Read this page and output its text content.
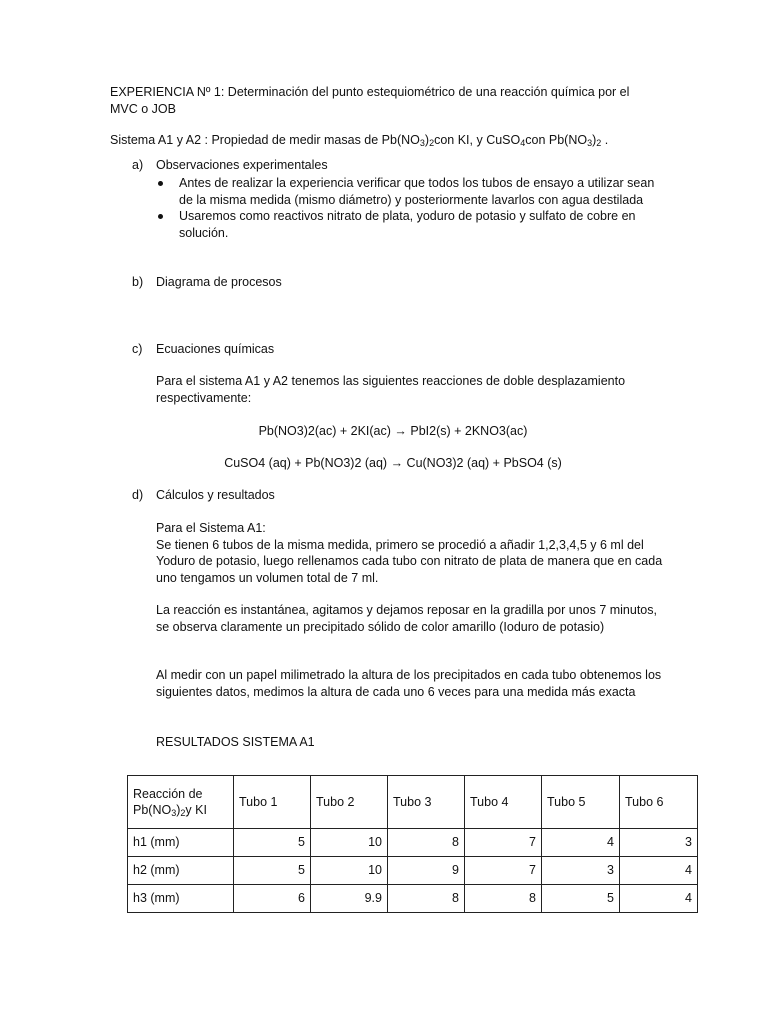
EXPERIENCIA Nº 1: Determinación del punto estequiométrico de una reacción química por el MVC o JOB
Sistema A1 y A2 : Propiedad de medir masas de $Pb(NO_3)_2con$ KI, y CuSO$_4$con $Pb(NO_3)_2$ .
a) Observaciones experimentales
Antes de realizar la experiencia verificar que todos los tubos de ensayo a utilizar sean de la misma medida (mismo diámetro) y posteriormente lavarlos con agua destilada
Usaremos como reactivos nitrato de plata, yoduro de potasio y sulfato de cobre en solución.
b) Diagrama de procesos
c) Ecuaciones químicas
Para el sistema A1 y A2 tenemos las siguientes reacciones de doble desplazamiento respectivamente:
Pb(NO3)2(ac) + 2KI(ac) → PbI2(s) + 2KNO3(ac)
CuSO4 (aq) + Pb(NO3)2 (aq) → Cu(NO3)2 (aq) + PbSO4 (s)
d) Cálculos y resultados
Para el Sistema A1:
Se tienen 6 tubos de la misma medida, primero se procedió a añadir 1,2,3,4,5 y 6 ml del Yoduro de potasio, luego rellenamos cada tubo con nitrato de plata de manera que en cada uno tengamos un volumen total de 7 ml.
La reacción es instantánea, agitamos y dejamos reposar en la gradilla por unos 7 minutos, se observa claramente un precipitado sólido de color amarillo (Ioduro de potasio)
Al medir con un papel milimetrado la altura de los precipitados en cada tubo obtenemos los siguientes datos, medimos la altura de cada uno 6 veces para una medida más exacta
RESULTADOS SISTEMA A1
Reacción de
$Pb(NO_3)_2y$ KI	Tubo 1	Tubo 2	Tubo 3	Tubo 4	Tubo 5	Tubo 6
h1 (mm)	5	10	8	7	4	3
h2 (mm)	5	10	9	7	3	4
h3 (mm)	6	9.9	8	8	5	4
